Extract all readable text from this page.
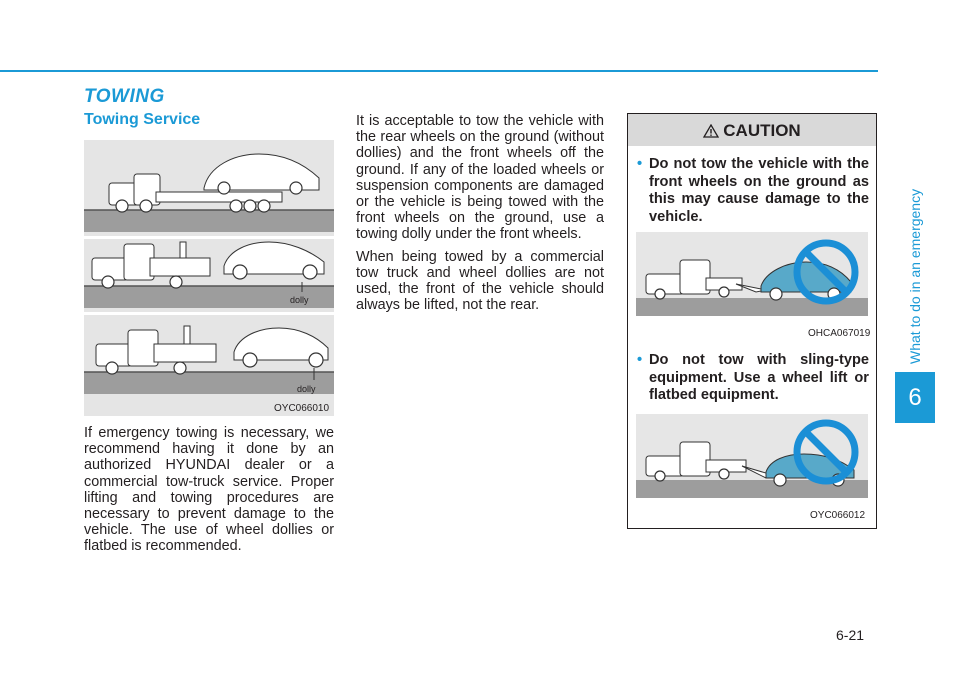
TOWING
Towing Service
dolly
dolly
OYC066010

If emergency towing is necessary, we recommend having it done by an authorized HYUNDAI dealer or a commercial tow-truck service. Proper lifting and towing procedures are necessary to prevent damage to the vehicle. The use of wheel dollies or flatbed is recommended.

It is acceptable to tow the vehicle with the rear wheels on the ground (without dollies) and the front wheels off the ground. If any of the loaded wheels or suspension components are damaged or the vehicle is being towed with the front wheels on the ground, use a towing dolly under the front wheels.

When being towed by a commercial tow truck and wheel dollies are not used, the front of the vehicle should always be lifted, not the rear.

CAUTION
• Do not tow the vehicle with the front wheels on the ground as this may cause damage to the vehicle.
OHCA067019
• Do not tow with sling-type equipment. Use a wheel lift or flatbed equipment.
OYC066012
What to do in an emergency
6
6-21
